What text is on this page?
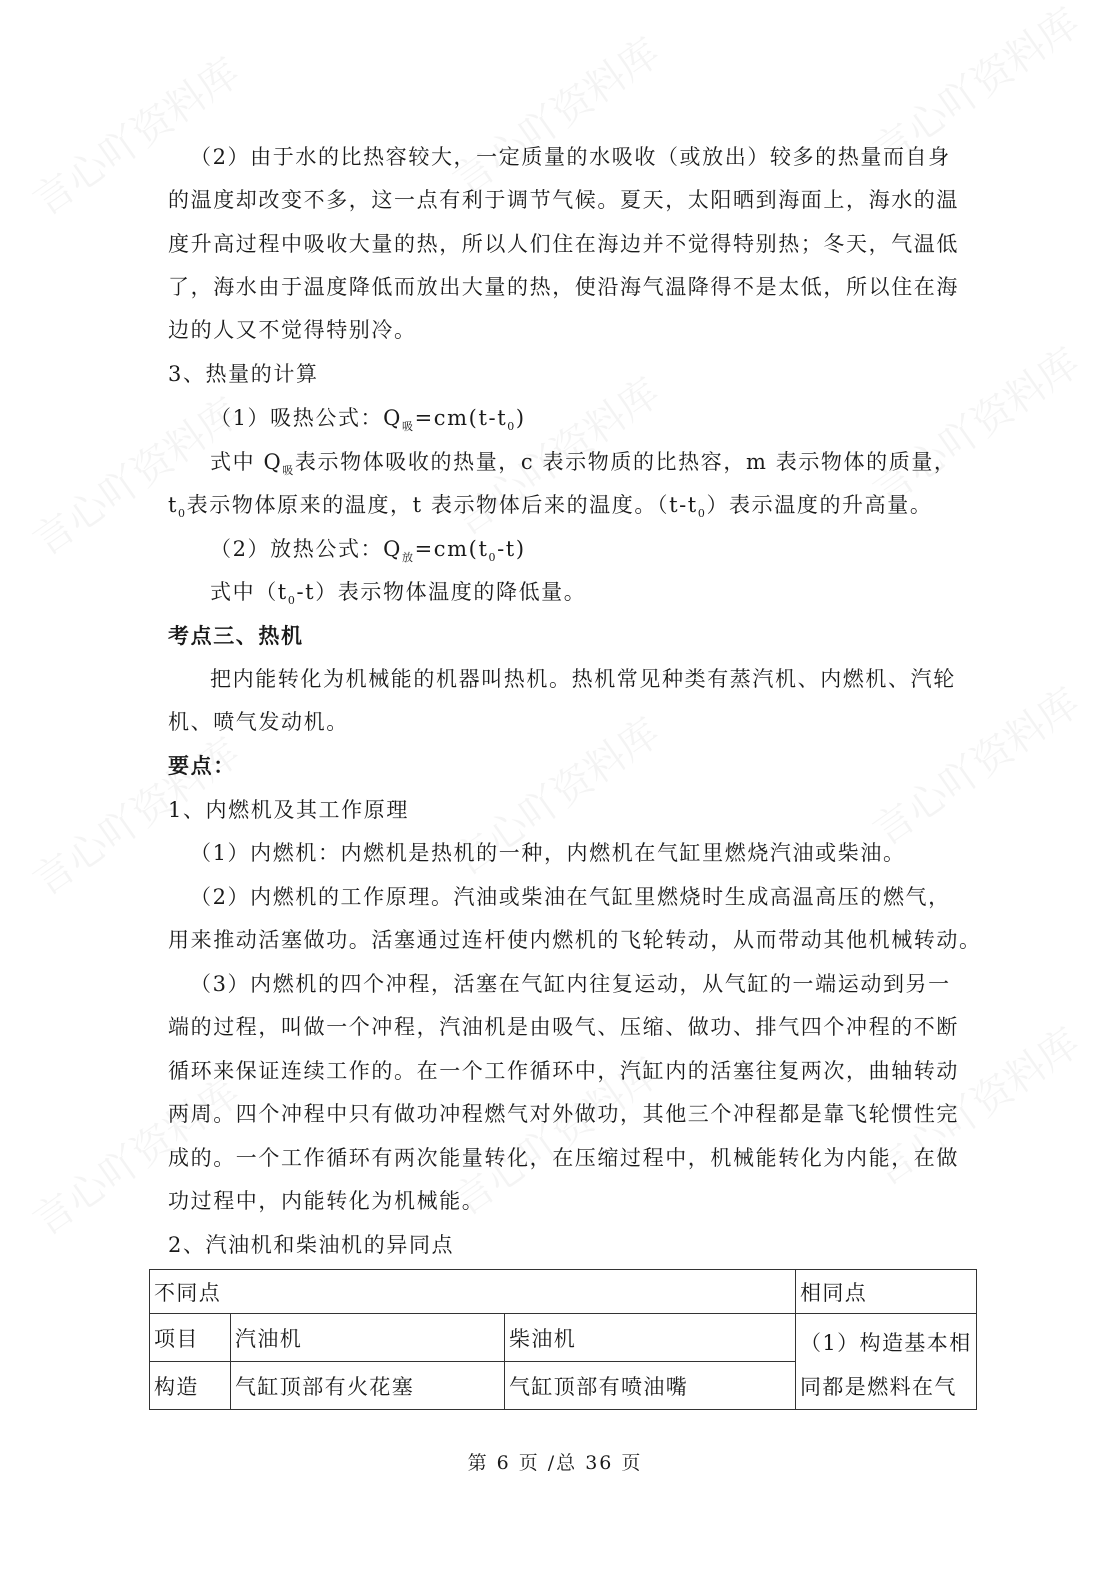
（2）由于水的比热容较大，一定质量的水吸收（或放出）较多的热量而自身
的温度却改变不多，这一点有利于调节气候。夏天，太阳晒到海面上，海水的温
度升高过程中吸收大量的热，所以人们住在海边并不觉得特别热；冬天，气温低
了，海水由于温度降低而放出大量的热，使沿海气温降得不是太低，所以住在海
边的人又不觉得特别冷。
3、热量的计算
（1）吸热公式：$Q_吸=cm(t-t_0)$
式中 $Q_吸$表示物体吸收的热量，c 表示物质的比热容，m 表示物体的质量，
$t_0$表示物体原来的温度，t 表示物体后来的温度。$(t-t_0)$表示温度的升高量。
（2）放热公式：$Q_放=cm(t_0-t)$
式中$(t_0-t)$表示物体温度的降低量。
考点三、热机
把内能转化为机械能的机器叫热机。热机常见种类有蒸汽机、内燃机、汽轮
机、喷气发动机。
要点：
1、内燃机及其工作原理
（1）内燃机：内燃机是热机的一种，内燃机在气缸里燃烧汽油或柴油。
（2）内燃机的工作原理。汽油或柴油在气缸里燃烧时生成高温高压的燃气，
用来推动活塞做功。活塞通过连杆使内燃机的飞轮转动，从而带动其他机械转动。
（3）内燃机的四个冲程，活塞在气缸内往复运动，从气缸的一端运动到另一
端的过程，叫做一个冲程，汽油机是由吸气、压缩、做功、排气四个冲程的不断
循环来保证连续工作的。在一个工作循环中，汽缸内的活塞往复两次，曲轴转动
两周。四个冲程中只有做功冲程燃气对外做功，其他三个冲程都是靠飞轮惯性完
成的。一个工作循环有两次能量转化，在压缩过程中，机械能转化为内能，在做
功过程中，内能转化为机械能。
2、汽油机和柴油机的异同点
不同点			相同点
项目	汽油机	柴油机	（1）构造基本相
同都是燃料在气

构造	气缸顶部有火花塞	气缸顶部有喷油嘴	
第 6 页 /总 36 页
